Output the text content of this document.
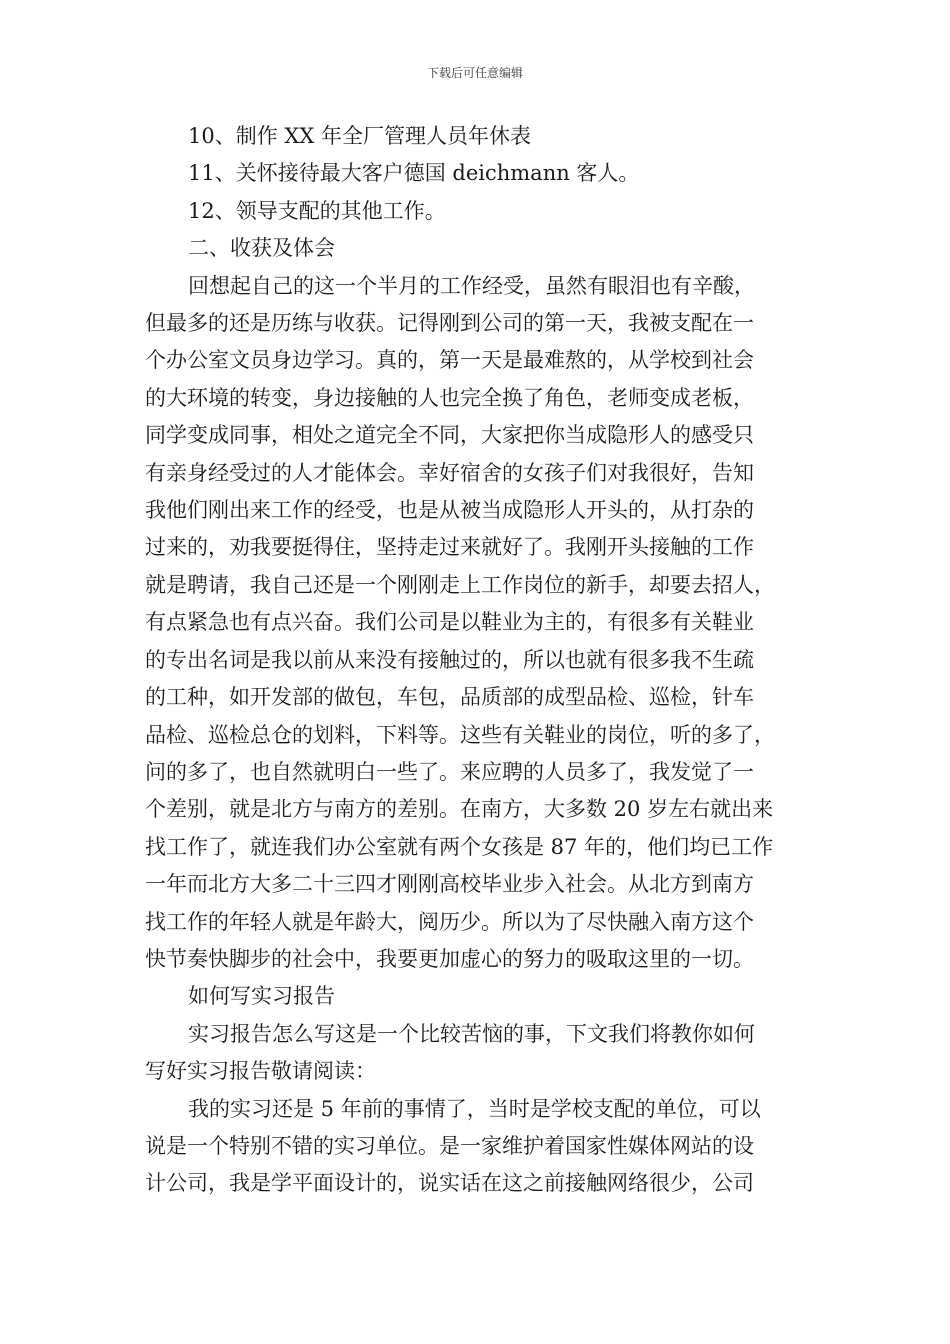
下载后可任意编辑

10、制作 XX 年全厂管理人员年休表

11、关怀接待最大客户德国 deichmann 客人。

12、领导支配的其他工作。

二、收获及体会

回想起自己的这一个半月的工作经受，虽然有眼泪也有辛酸，

但最多的还是历练与收获。记得刚到公司的第一天，我被支配在一

个办公室文员身边学习。真的，第一天是最难熬的，从学校到社会

的大环境的转变，身边接触的人也完全换了角色，老师变成老板，

同学变成同事，相处之道完全不同，大家把你当成隐形人的感受只

有亲身经受过的人才能体会。幸好宿舍的女孩子们对我很好，告知

我他们刚出来工作的经受，也是从被当成隐形人开头的，从打杂的

过来的，劝我要挺得住，坚持走过来就好了。我刚开头接触的工作

就是聘请，我自己还是一个刚刚走上工作岗位的新手，却要去招人，

有点紧急也有点兴奋。我们公司是以鞋业为主的，有很多有关鞋业

的专出名词是我以前从来没有接触过的，所以也就有很多我不生疏

的工种，如开发部的做包，车包，品质部的成型品检、巡检，针车

品检、巡检总仓的划料，下料等。这些有关鞋业的岗位，听的多了，

问的多了，也自然就明白一些了。来应聘的人员多了，我发觉了一

个差别，就是北方与南方的差别。在南方，大多数 20 岁左右就出来

找工作了，就连我们办公室就有两个女孩是 87 年的，他们均已工作

一年而北方大多二十三四才刚刚高校毕业步入社会。从北方到南方

找工作的年轻人就是年龄大，阅历少。所以为了尽快融入南方这个

快节奏快脚步的社会中，我要更加虚心的努力的吸取这里的一切。

如何写实习报告

实习报告怎么写这是一个比较苦恼的事，下文我们将教你如何

写好实习报告敬请阅读：

我的实习还是 5 年前的事情了，当时是学校支配的单位，可以

说是一个特别不错的实习单位。是一家维护着国家性媒体网站的设

计公司，我是学平面设计的，说实话在这之前接触网络很少，公司
